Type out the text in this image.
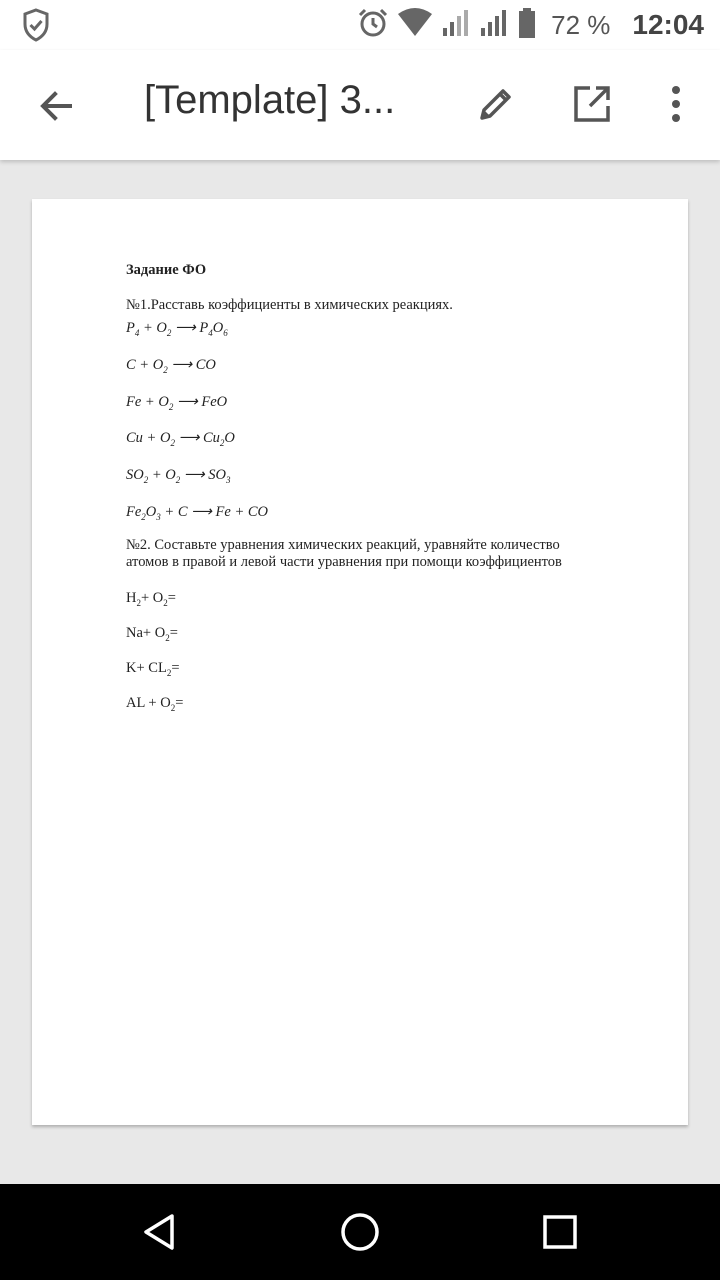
72 % 12:04
[Template] 3...
Задание ФО
№1.Расставь коэффициенты в химических реакциях.
$P_4 + O_2$ ⟶ $P_4O_6$
$C + O_2$ ⟶ CO
$Fe + O_2$ ⟶ FeO
$Cu + O_2$ ⟶ $Cu_2O$
$SO_2 + O_2$ ⟶ $SO_3$
$Fe_2O_3 + C$ ⟶ Fe + CO
№2. Составьте уравнения химических реакций, уравняйте количество
атомов в правой и левой части уравнения при помощи коэффициентов
$H_2+ O_2=$
$Na+ O_2=$
$K+ CL_2=$
AL + $O_2=$
